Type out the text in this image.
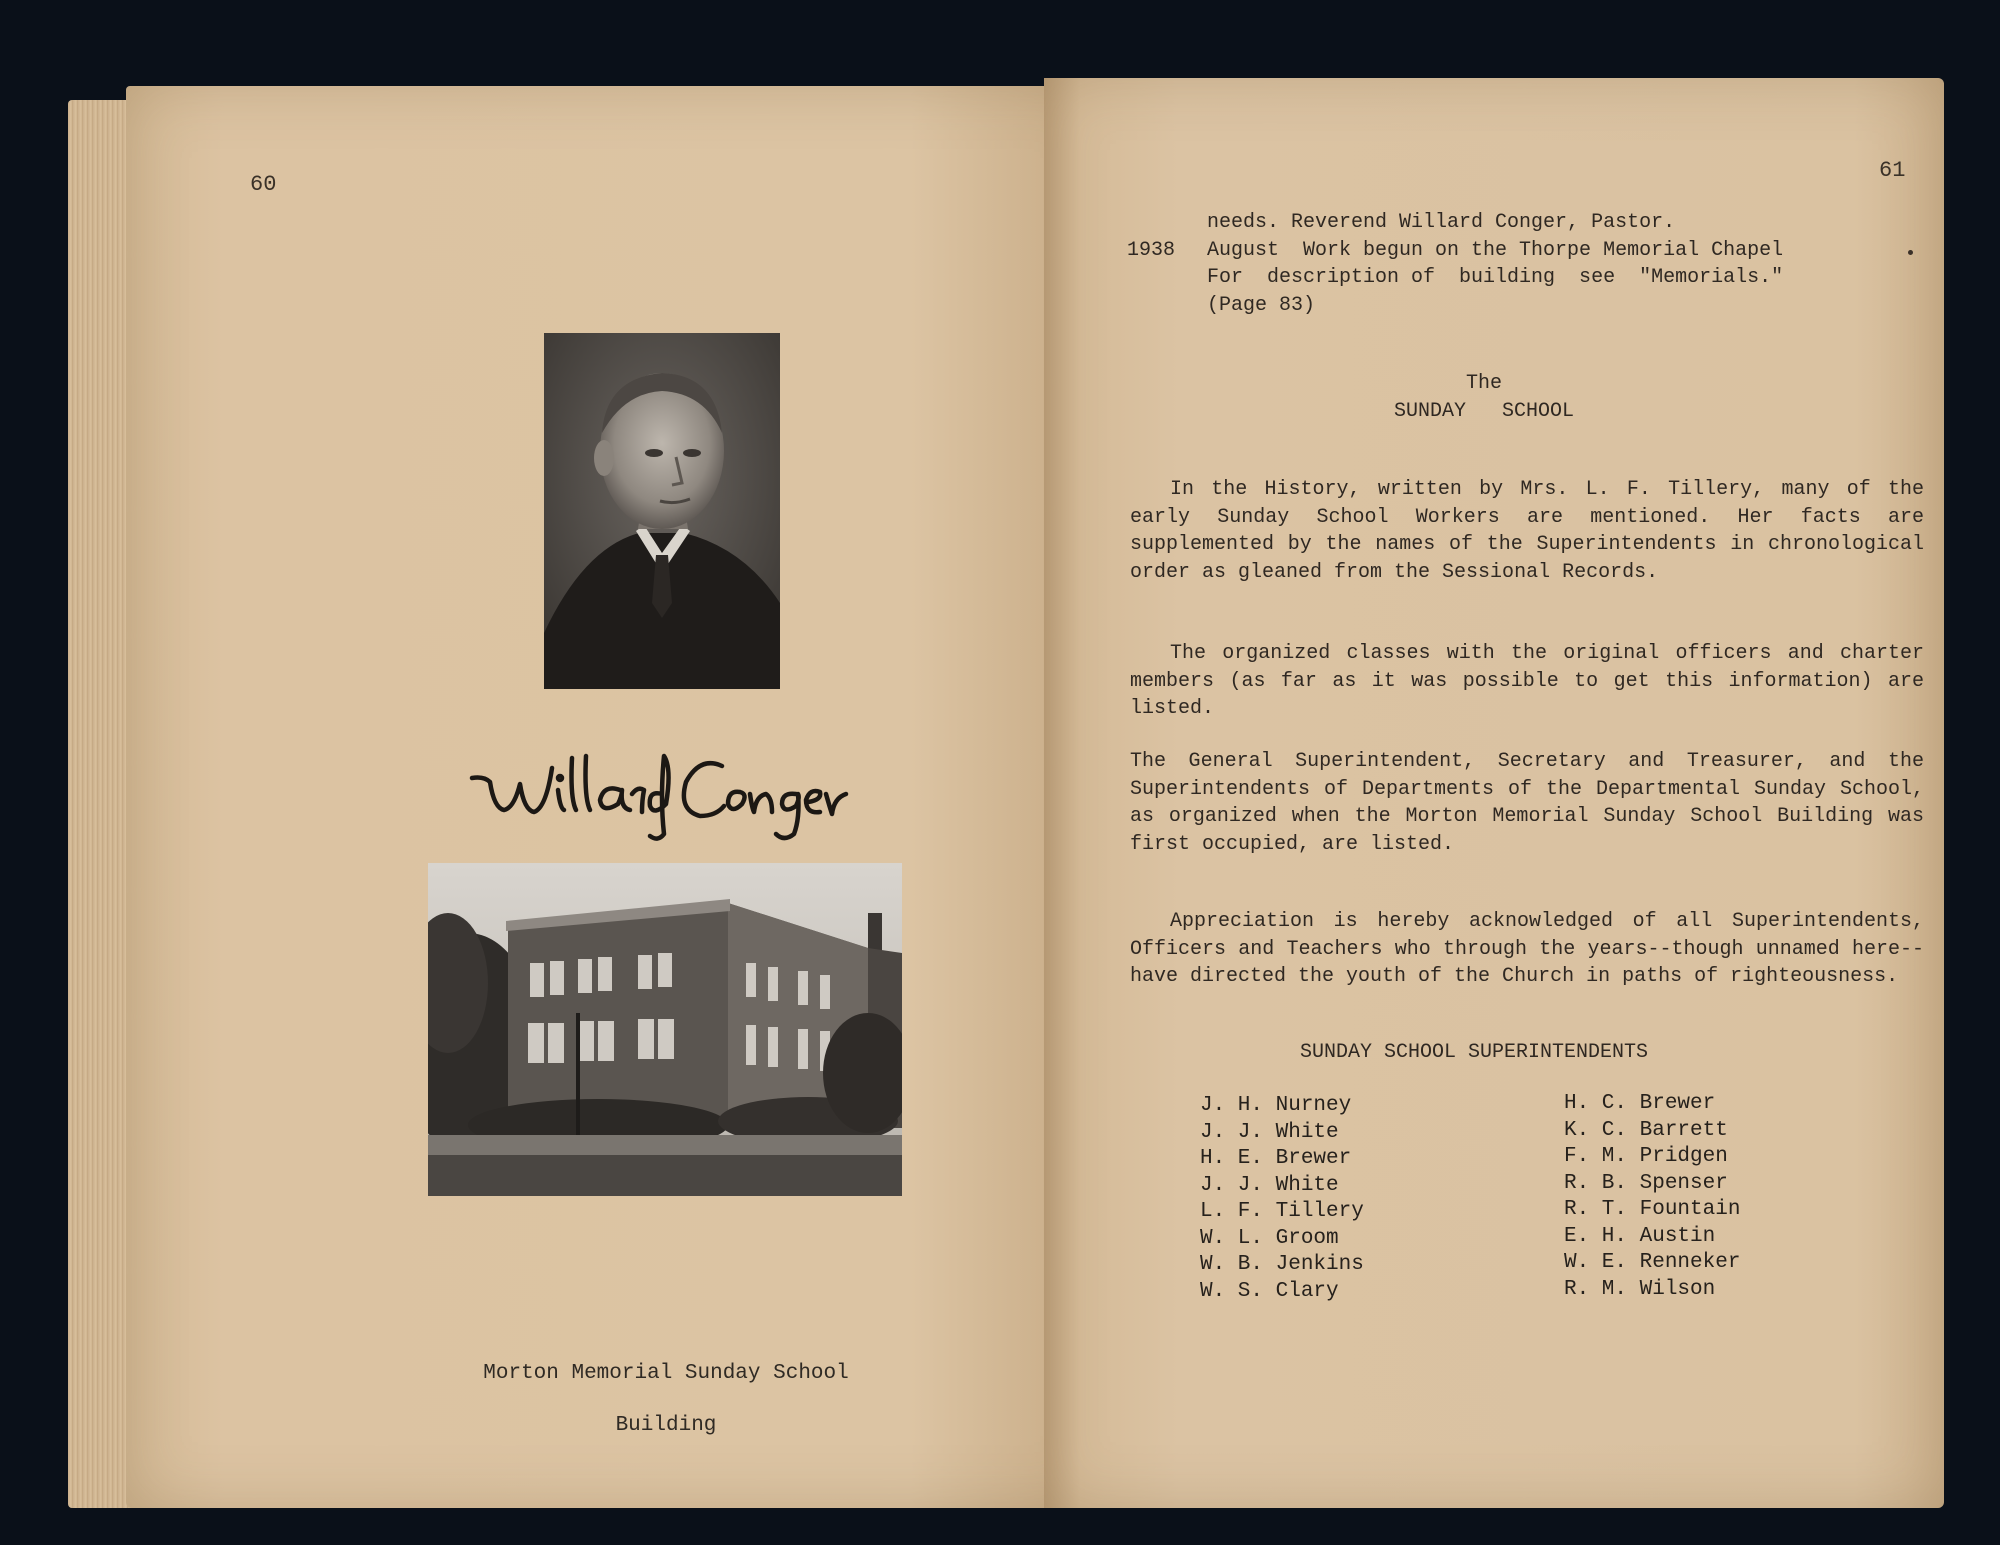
60
Morton Memorial Sunday School
Building
61
needs. Reverend Willard Conger, Pastor.
1938 August  Work begun on the Thorpe Memorial Chapel
For  description of  building  see  "Memorials."
(Page 83)
The
SUNDAY   SCHOOL
In the History, written by Mrs. L. F. Tillery, many of the early Sunday School Workers are mentioned. Her facts are supplemented by the names of the Superintendents in chronological order as gleaned from the Sessional Records.
The organized classes with the original officers and charter members (as far as it was possible to get this information) are listed.
The General Superintendent, Secretary and Treasurer, and the Superintendents of Departments of the Departmental Sunday School, as organized when the Morton Memorial Sunday School Building was first occupied, are listed.
Appreciation is hereby acknowledged of all Superintendents, Officers and Teachers who through the years--though unnamed here--have directed the youth of the Church in paths of righteousness.
SUNDAY SCHOOL SUPERINTENDENTS
J. H. Nurney
J. J. White
H. E. Brewer
J. J. White
L. F. Tillery
W. L. Groom
W. B. Jenkins
W. S. Clary
H. C. Brewer
K. C. Barrett
F. M. Pridgen
R. B. Spenser
R. T. Fountain
E. H. Austin
W. E. Renneker
R. M. Wilson
